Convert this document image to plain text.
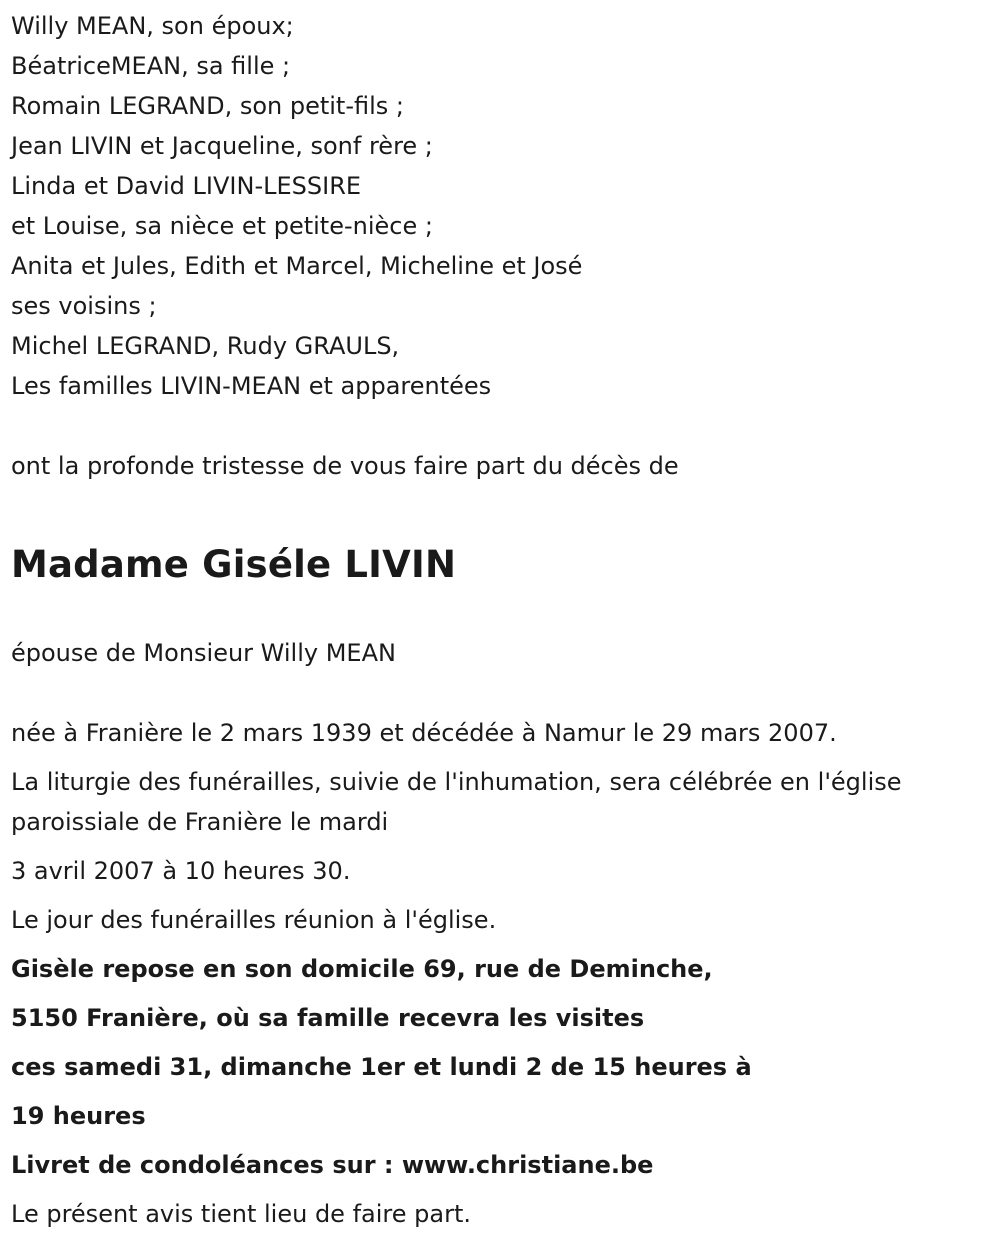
Willy MEAN, son époux;
BéatriceMEAN, sa fille ;
Romain LEGRAND, son petit-fils ;
Jean LIVIN et Jacqueline, sonf rère ;
Linda et David LIVIN-LESSIRE
et Louise, sa nièce et petite-nièce ;
Anita et Jules, Edith et Marcel, Micheline et José
ses voisins ;
Michel LEGRAND, Rudy GRAULS,
Les familles LIVIN-MEAN et apparentées

ont la profonde tristesse de vous faire part du décès de

Madame Giséle LIVIN

épouse de Monsieur Willy MEAN

née à Franière le 2 mars 1939 et décédée à Namur le 29 mars 2007.
La liturgie des funérailles, suivie de l'inhumation, sera célébrée en l'église paroissiale de Franière le mardi
3 avril 2007 à 10 heures 30.
Le jour des funérailles réunion à l'église.
Gisèle repose en son domicile 69, rue de Deminche,
5150 Franière, où sa famille recevra les visites
ces samedi 31, dimanche 1er et lundi 2 de 15 heures à
19 heures
Livret de condoléances sur : www.christiane.be
Le présent avis tient lieu de faire part.
